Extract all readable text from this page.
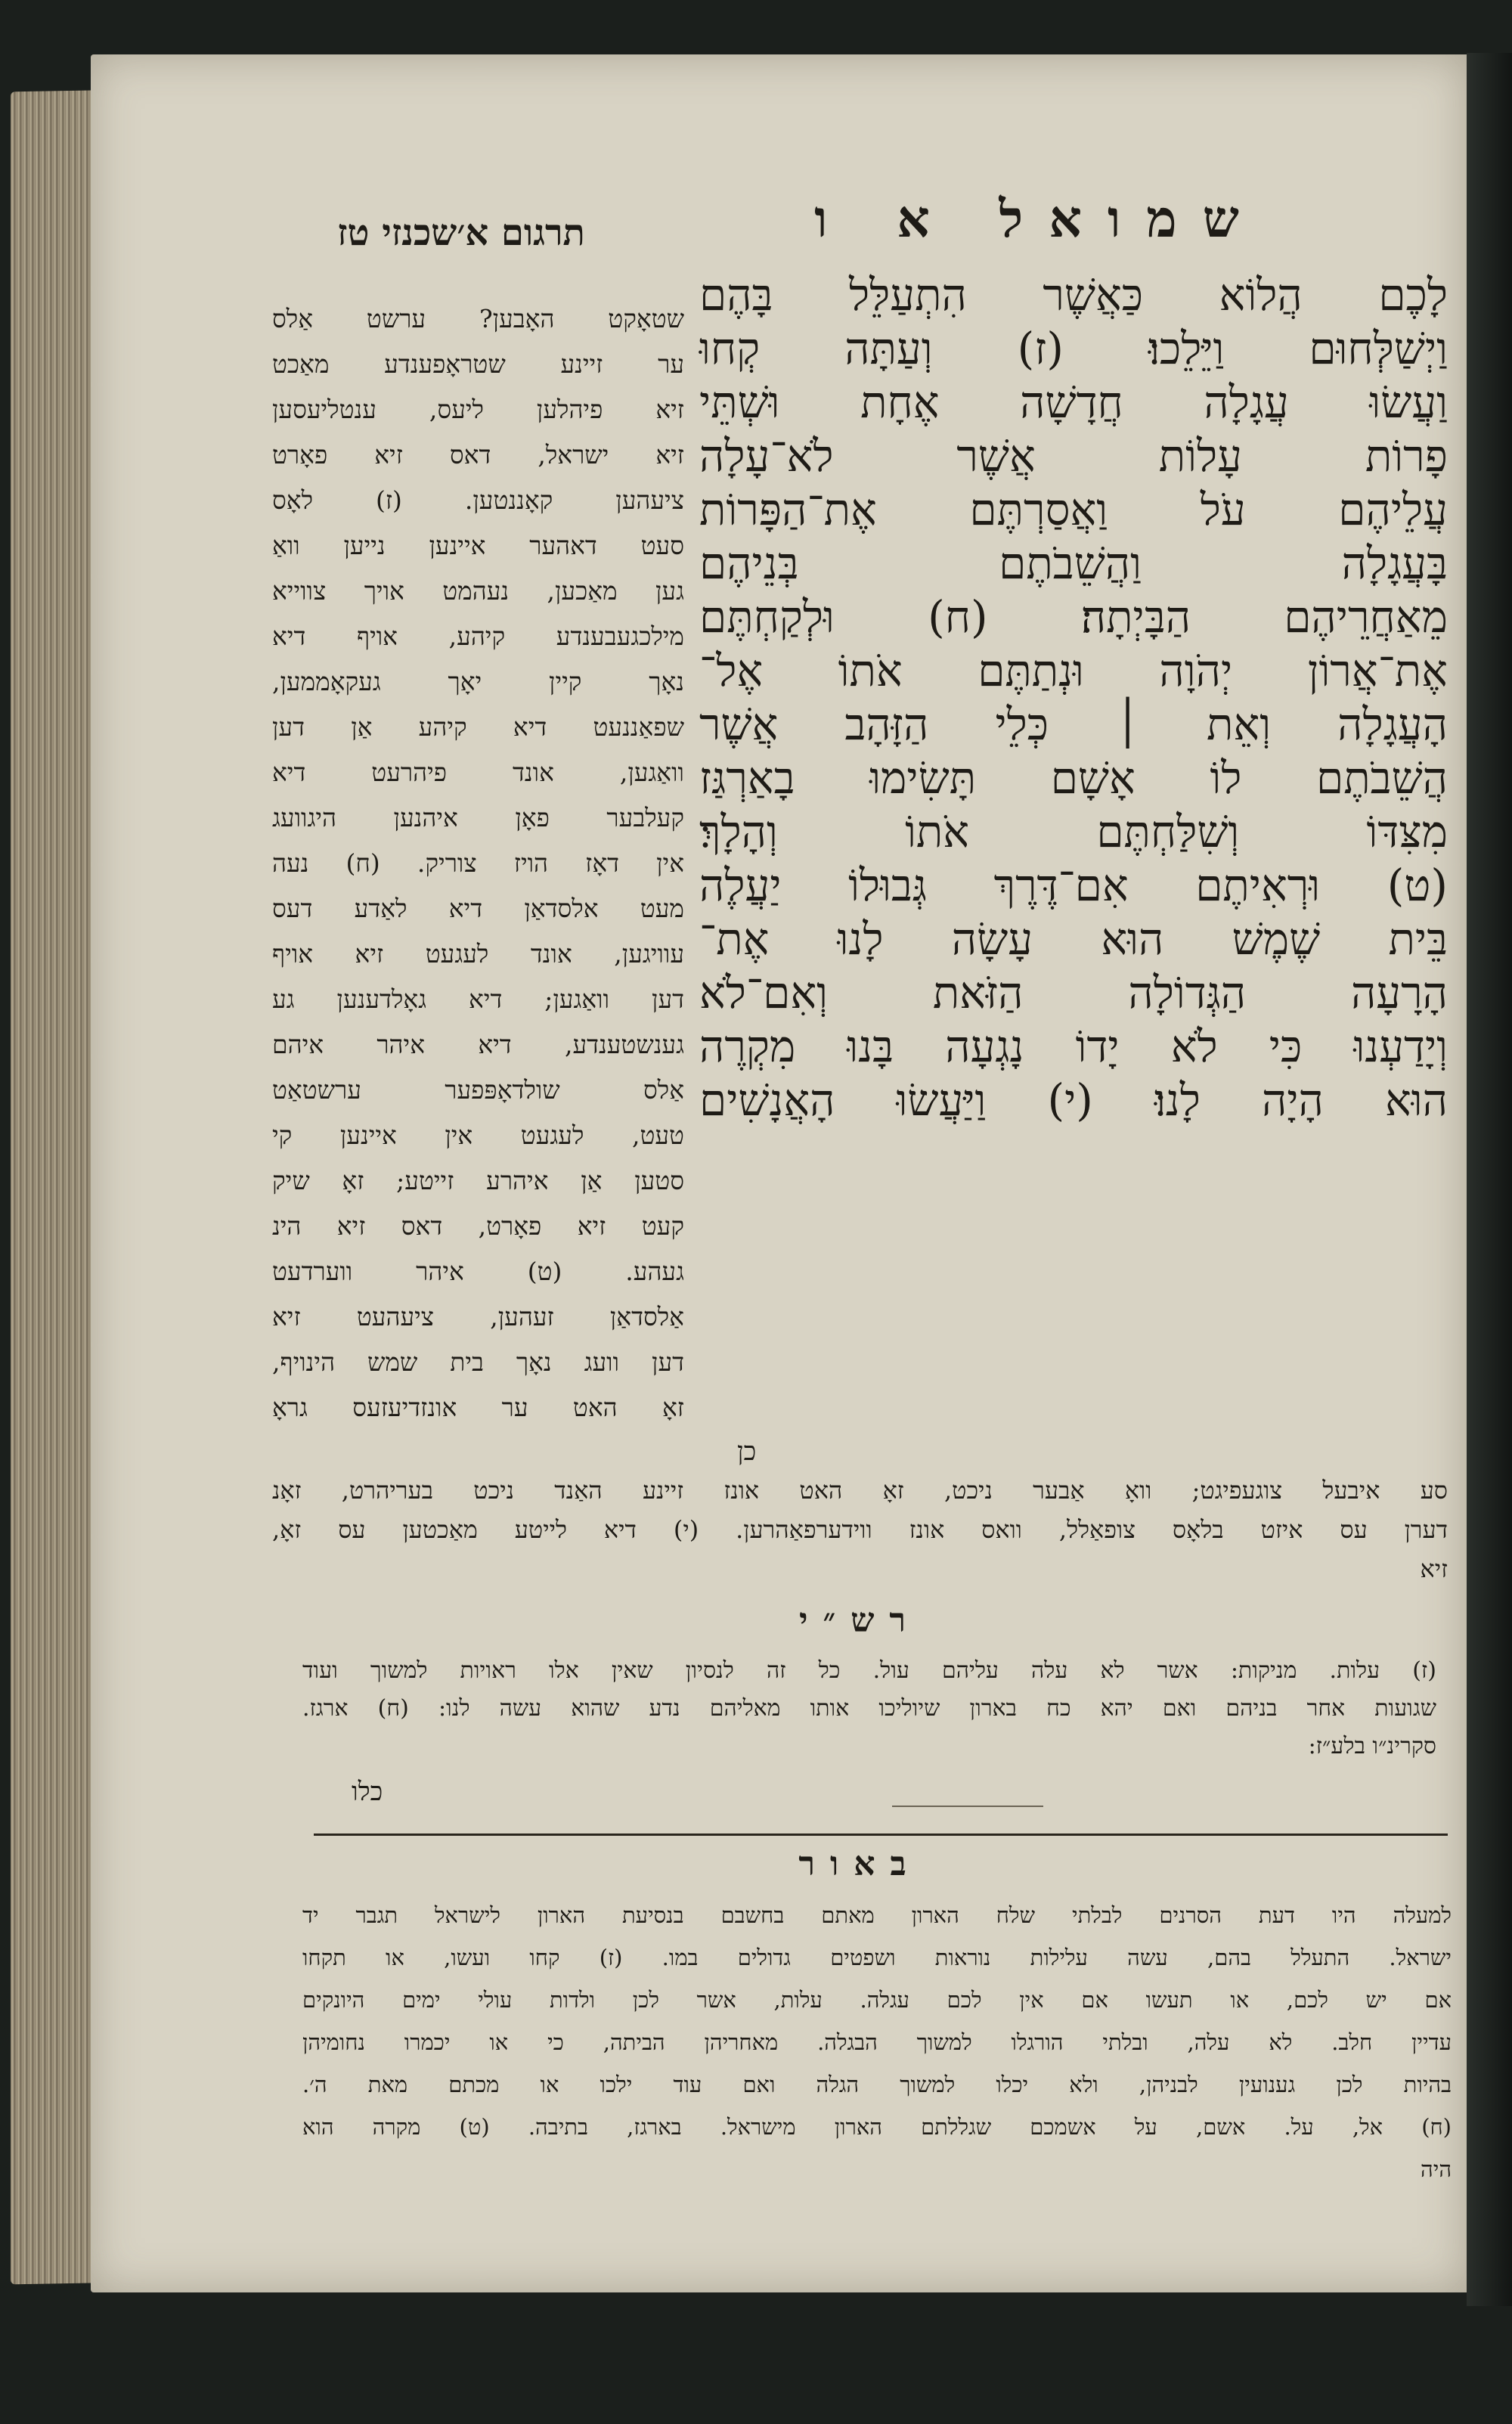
שמואל א ו
תרגום א׳שכנזי טז
לָכֶם הֲלוֹא כַּאֲשֶׁר הִתְעַלֵּל בָּהֶם
וַיְשַׁלְּחוּם וַיֵּלֵכוּ׃ (ז) וְעַתָּה קְחוּ
וַעֲשׂוּ עֲגָלָה חֲדָשָׁה אֶחָת וּשְׁתֵּי
פָרוֹת עָלוֹת אֲשֶׁר לֹא־עָלָה
עֲלֵיהֶם עֹל וַאֲסַרְתֶּם אֶת־הַפָּרוֹת
בָּעֲגָלָה וַהֲשֵׁבֹתֶם בְּנֵיהֶם
מֵאַחֲרֵיהֶם הַבָּיְתָה׃ (ח) וּלְקַחְתֶּם
אֶת־אֲרוֹן יְהֹוָה וּנְתַתֶּם אֹתוֹ אֶל־
הָעֲגָלָה וְאֵת ׀ כְּלֵי הַזָּהָב אֲשֶׁר
הֲשֵׁבֹתֶם לוֹ אָשָׁם תָּשִׂימוּ בָאַרְגַּז
מִצִּדּוֹ וְשִׁלַּחְתֶּם אֹתוֹ וְהָלָךְ׃
(ט) וּרְאִיתֶם אִם־דֶּרֶךְ גְּבוּלוֹ יַעֲלֶה
בֵּית שֶׁמֶשׁ הוּא עָשָׂה לָנוּ אֶת־
הָרָעָה הַגְּדוֹלָה הַזֹּאת וְאִם־לֹא
וְיָדַעְנוּ כִּי לֹא יָדוֹ נָגְעָה בָּנוּ מִקְרֶה
הוּא הָיָה לָנוּ׃ (י) וַיַּעֲשׂוּ הָאֲנָשִׁים
כן
שטאָקט האָבען? ערשט אַלס
ער זיינע שטראָפענדע מאַכט
זיא פיהלען ליעס, ענטליעסען
זיא ישראל, דאס זיא פאָרט
ציעהען קאָננטען. (ז) לאָס
סעט דאהער איינען נייען וואַ
גען מאַכען, נעהמט אויך צווייא
מילכגעבענדע קיהע, אויף דיא
נאָך קיין יאָך געקאָממען,
שפאַננעט דיא קיהע אַן דען
וואַגען, אונד פיהרעט דיא
קעלבער פאָן איהנען היגוועג
אין דאָז הויז צוריק. (ח) נעה
מעט אלסדאַן דיא לאַדע דעס
עוויגען, אונד לעגעט זיא אויף
דען וואַגען; דיא גאָלדענען גע
גענשטענדע, דיא איהר איהם
אַלס שולדאָפּפער ערשטאַט
טעט, לעגעט אין איינען קי
סטען אַן איהרע זייטע; זאָ שיק
קעט זיא פאָרט, דאס זיא הינ
געהע. (ט) איהר ווערדעט
אַלסדאַן זעהען, ציעהעט זיא
דען וועג נאָך בית שמש הינויף,
זאָ האט ער אונזדיעזעס גראָ
סע איבעל צוגעפיגט; וואָ אַבער ניכט, זאָ האט אונז זיינע האַנד ניכט בעריהרט, זאָנ
דערן עס איזט בלאָס צופאַלל, וואס אונז ווידערפאַהרען. (י) דיא לייטע מאַכטען עס זאָ,
זיא
רש״י
(ז) עלות. מניקות: אשר לא עלה עליהם עול. כל זה לנסיון שאין אלו ראויות למשוך ועוד
שגועות אחר בניהם ואם יהא כח בארון שיוליכו אותו מאליהם נדע שהוא עשה לנו: (ח) ארגז.
סקרינ״ו בלע״ז:
כלו
באור
למעלה היו דעת הסרנים לבלתי שלח הארון מאתם בחשבם בנסיעת הארון לישראל תגבר יד
ישראל. התעלל בהם, עשה עלילות נוראות ושפטים גדולים במו. (ז) קחו ועשו, או תקחו
אם יש לכם, או תעשו אם אין לכם עגלה. עלות, אשר לכן ולדות עולי ימים היונקים
עדיין חלב. לא עלה, ובלתי הורגלו למשוך הבגלה. מאחריהן הביתה, כי או יכמרו נחומיהן
בהיות לכן גענועין לבניהן, ולא יכלו למשוך הגלה ואם עוד ילכו או מכתם מאת ה׳.
(ח) אל, על. אשם, על אשמכם שגללתם הארון מישראל. בארגז, בתיבה. (ט) מקרה הוא
היה
